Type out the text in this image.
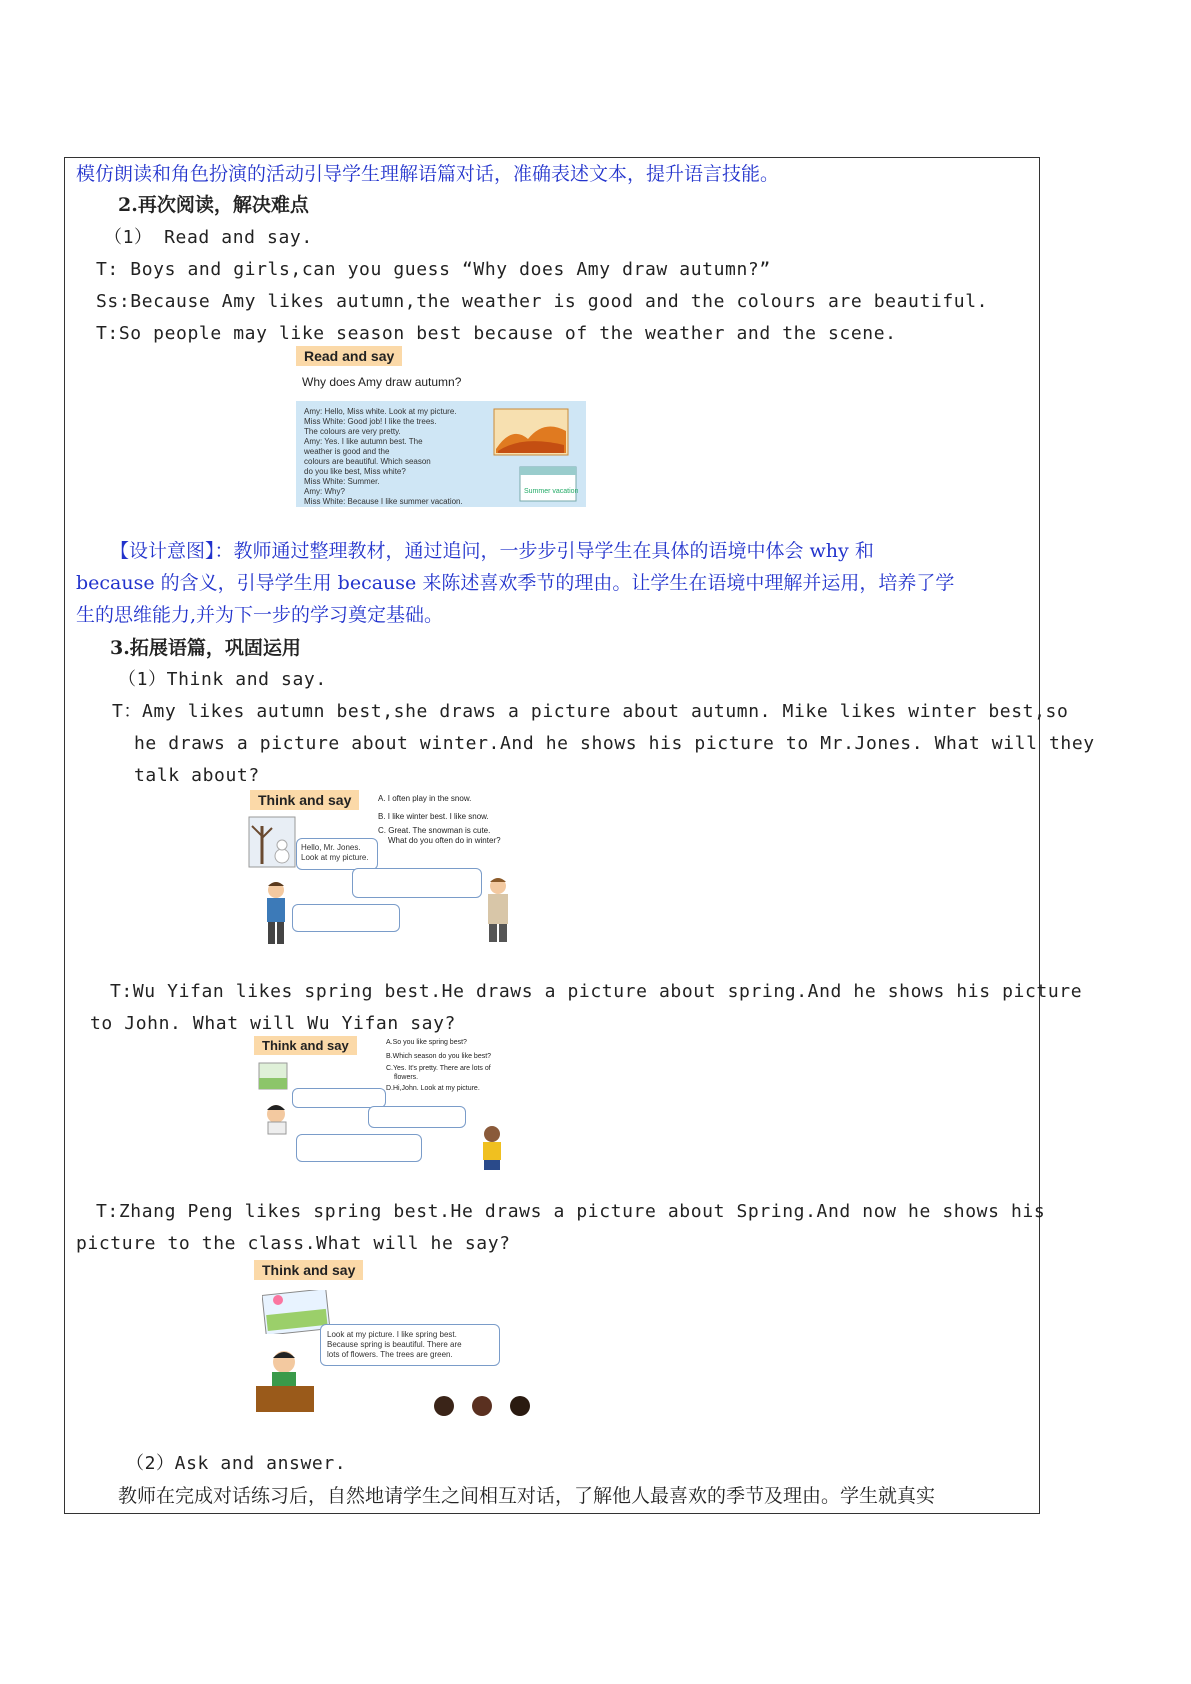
模仿朗读和角色扮演的活动引导学生理解语篇对话，准确表述文本，提升语言技能。
2.再次阅读，解决难点
（1） Read and say.
T: Boys and girls,can you guess “Why does Amy draw autumn?”
Ss:Because Amy likes autumn,the weather is good and the colours are beautiful.
T:So people may like season best because of the weather and the scene.
Read and say
Why does Amy draw autumn?
Amy: Hello, Miss white. Look at my picture.
Miss White: Good job! I like the trees.
The colours are very pretty.
Amy: Yes. I like autumn best. The
weather is good and the
colours are beautiful. Which season
do you like best, Miss white?
Miss White: Summer.
Amy: Why?
Miss White: Because I like summer vacation.
Summer vacation
【设计意图】：教师通过整理教材，通过追问，一步步引导学生在具体的语境中体会 why 和
because 的含义，引导学生用 because 来陈述喜欢季节的理由。让学生在语境中理解并运用，培养了学
生的思维能力,并为下一步的学习奠定基础。
3.拓展语篇，巩固运用
（1）Think and say.
T：Amy likes autumn best,she draws a picture about autumn. Mike likes winter best,so
he draws a picture about winter.And he shows his picture to Mr.Jones. What will they
talk about?
Think and say	A. I often play in the snow.
B. I like winter best. I like snow.
C. Great. The snowman is cute.
What do you often do in winter?
Hello, Mr. Jones. Look at my picture.
T:Wu Yifan likes spring best.He draws a picture about spring.And he shows his picture
to John. What will Wu Yifan say?
Think and say	A.So you like spring best?
B.Which season do you like best?
C.Yes. It's pretty. There are lots of
flowers.
D.Hi,John. Look at my picture.
T:Zhang Peng likes spring best.He draws a picture about Spring.And now he shows his
picture to the class.What will he say?
Think and say
Look at my picture. I like spring best.
Because spring is beautiful. There are
lots of flowers. The trees are green.
（2）Ask and answer.
教师在完成对话练习后，自然地请学生之间相互对话，了解他人最喜欢的季节及理由。学生就真实
